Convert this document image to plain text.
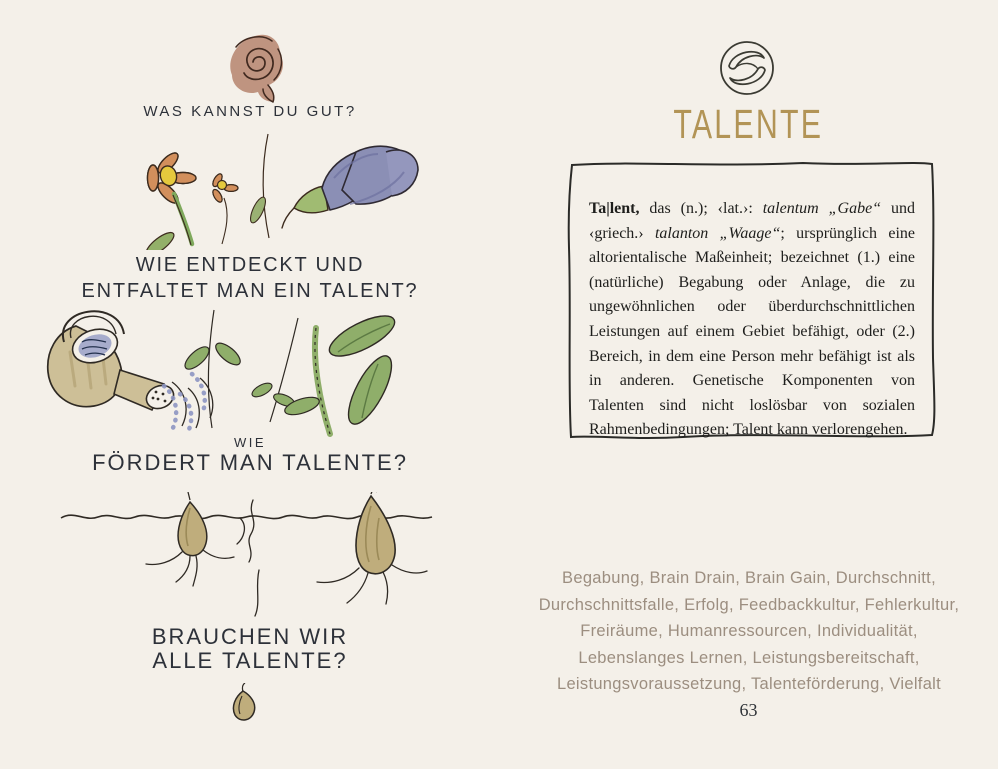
WAS KANNST DU GUT?
WIE ENTDECKT UND
ENTFALTET MAN EIN TALENT?
WIE
FÖRDERT MAN TALENTE?
BRAUCHEN WIR
ALLE TALENTE?
TALENTE

Ta|lent, das (n.); ‹lat.›: talentum „Gabe“ und ‹griech.› talanton „Waage“; ursprünglich eine altorientalische Maßeinheit; bezeichnet (1.) eine (natürliche) Begabung oder Anlage, die zu ungewöhnlichen oder überdurchschnittlichen Leistungen auf einem Gebiet befähigt, oder (2.) Bereich, in dem eine Person mehr befähigt ist als in anderen. Genetische Komponenten von Talenten sind nicht loslösbar von sozialen Rahmenbedingungen; Talent kann verlorengehen.

Begabung, Brain Drain, Brain Gain, Durchschnitt,
Durchschnittsfalle, Erfolg, Feedbackkultur, Fehlerkultur,
Freiräume, Humanressourcen, Individualität,
Lebenslanges Lernen, Leistungsbereitschaft,
Leistungsvoraussetzung, Talenteförderung, Vielfalt
63
